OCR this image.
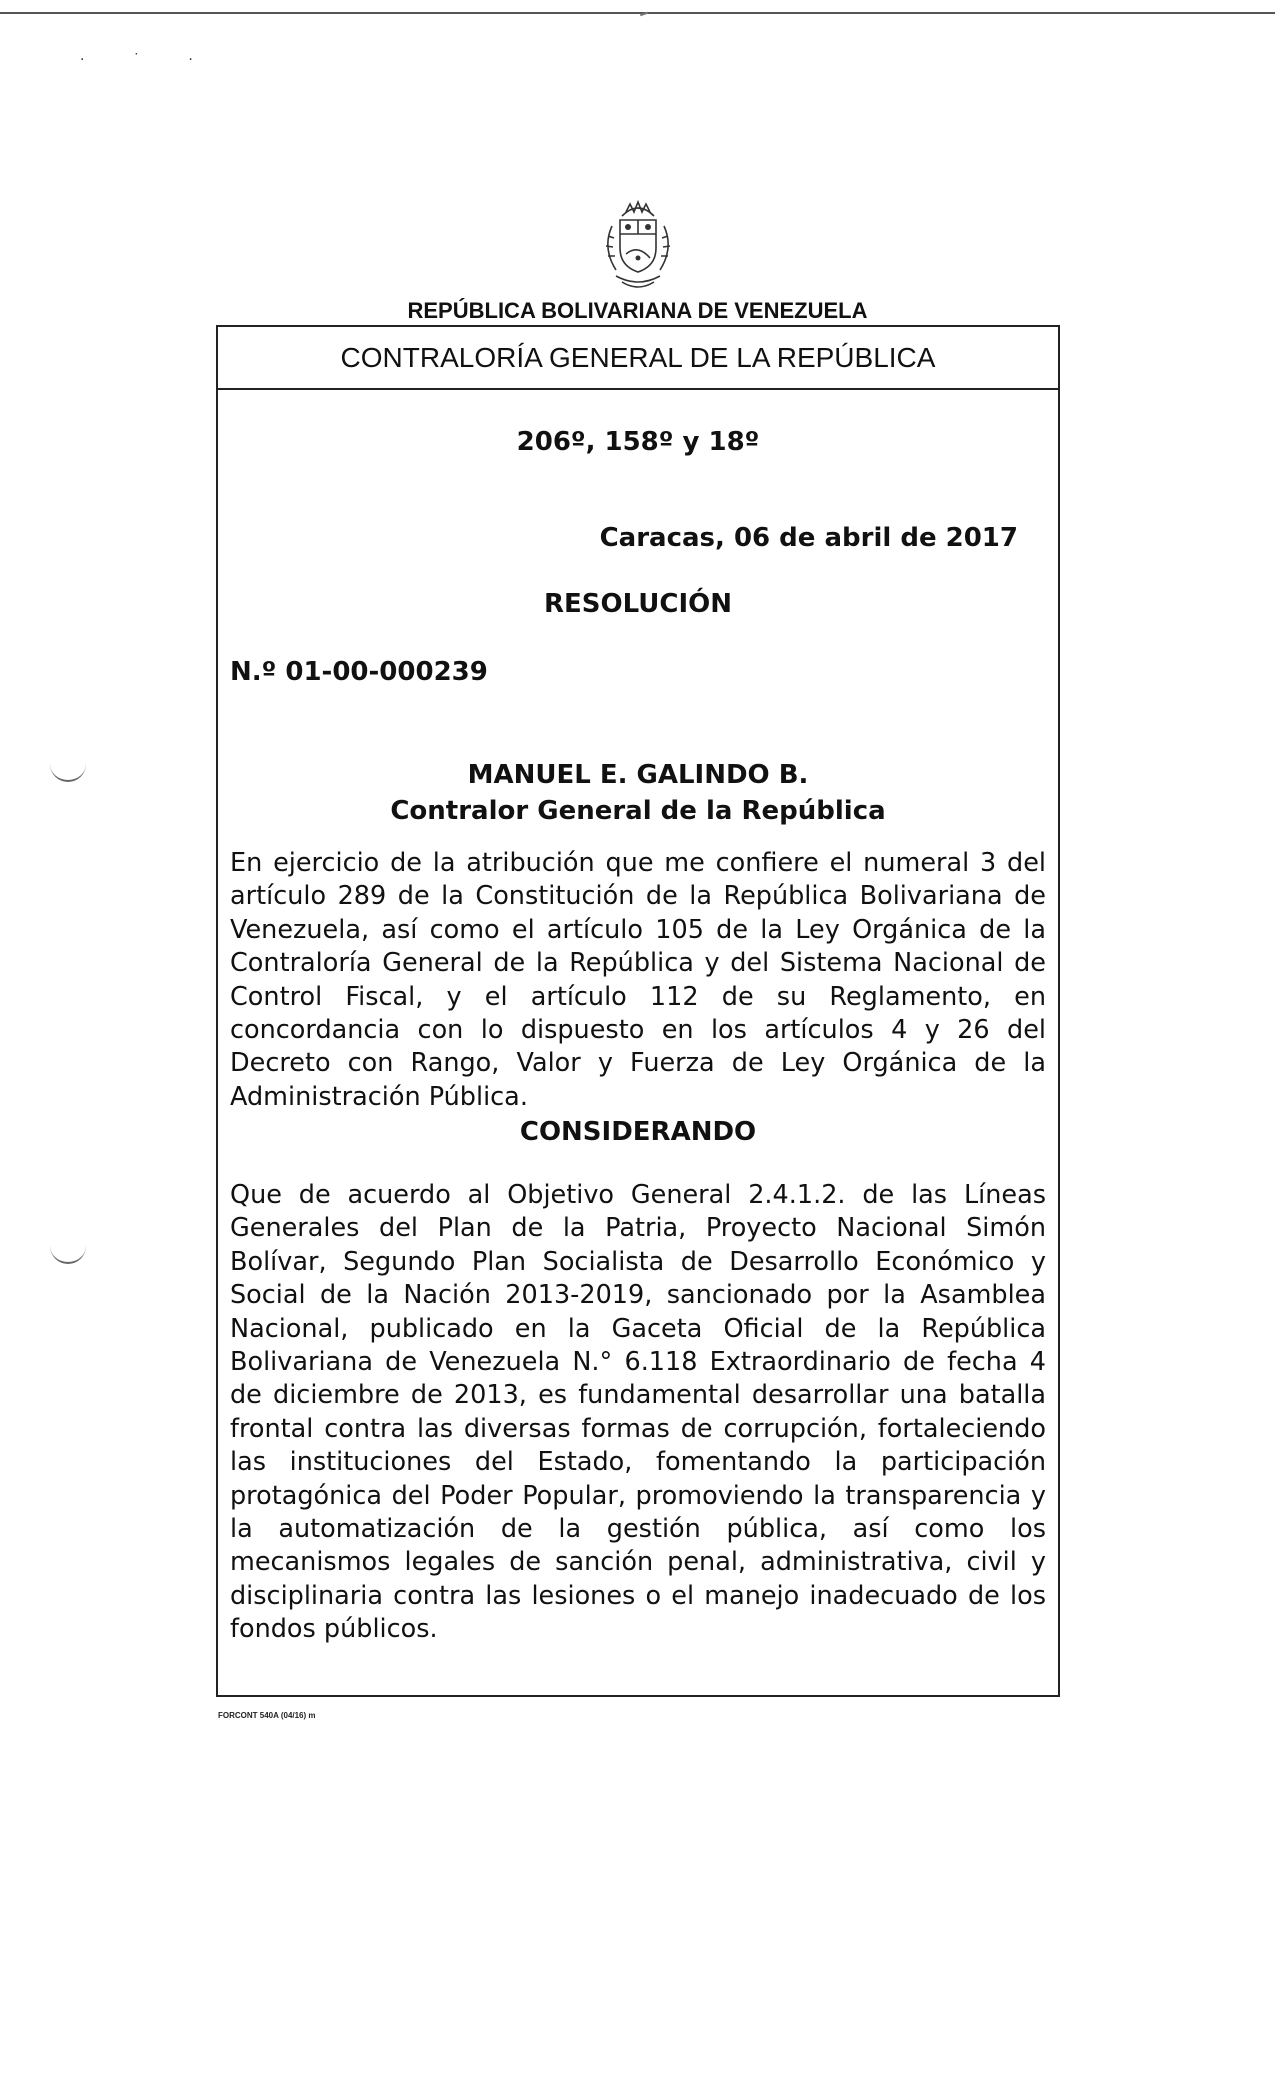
· ˙ ·
REPÚBLICA BOLIVARIANA DE VENEZUELA
CONTRALORÍA GENERAL DE LA REPÚBLICA
206º, 158º y 18º
Caracas, 06 de abril de 2017
RESOLUCIÓN
N.º 01-00-000239
MANUEL E. GALINDO B.
Contralor General de la República
En ejercicio de la atribución que me confiere el numeral 3 del artículo 289 de la Constitución de la República Bolivariana de Venezuela, así como el artículo 105 de la Ley Orgánica de la Contraloría General de la República y del Sistema Nacional de Control Fiscal, y el artículo 112 de su Reglamento, en concordancia con lo dispuesto en los artículos 4 y 26 del Decreto con Rango, Valor y Fuerza de Ley Orgánica de la Administración Pública.
CONSIDERANDO
Que de acuerdo al Objetivo General 2.4.1.2. de las Líneas Generales del Plan de la Patria, Proyecto Nacional Simón Bolívar, Segundo Plan Socialista de Desarrollo Económico y Social de la Nación 2013-2019, sancionado por la Asamblea Nacional, publicado en la Gaceta Oficial de la República Bolivariana de Venezuela N.° 6.118 Extraordinario de fecha 4 de diciembre de 2013, es fundamental desarrollar una batalla frontal contra las diversas formas de corrupción, fortaleciendo las instituciones del Estado, fomentando la participación protagónica del Poder Popular, promoviendo la transparencia y la automatización de la gestión pública, así como los mecanismos legales de sanción penal, administrativa, civil y disciplinaria contra las lesiones o el manejo inadecuado de los fondos públicos.
FORCONT 540A (04/16) m
